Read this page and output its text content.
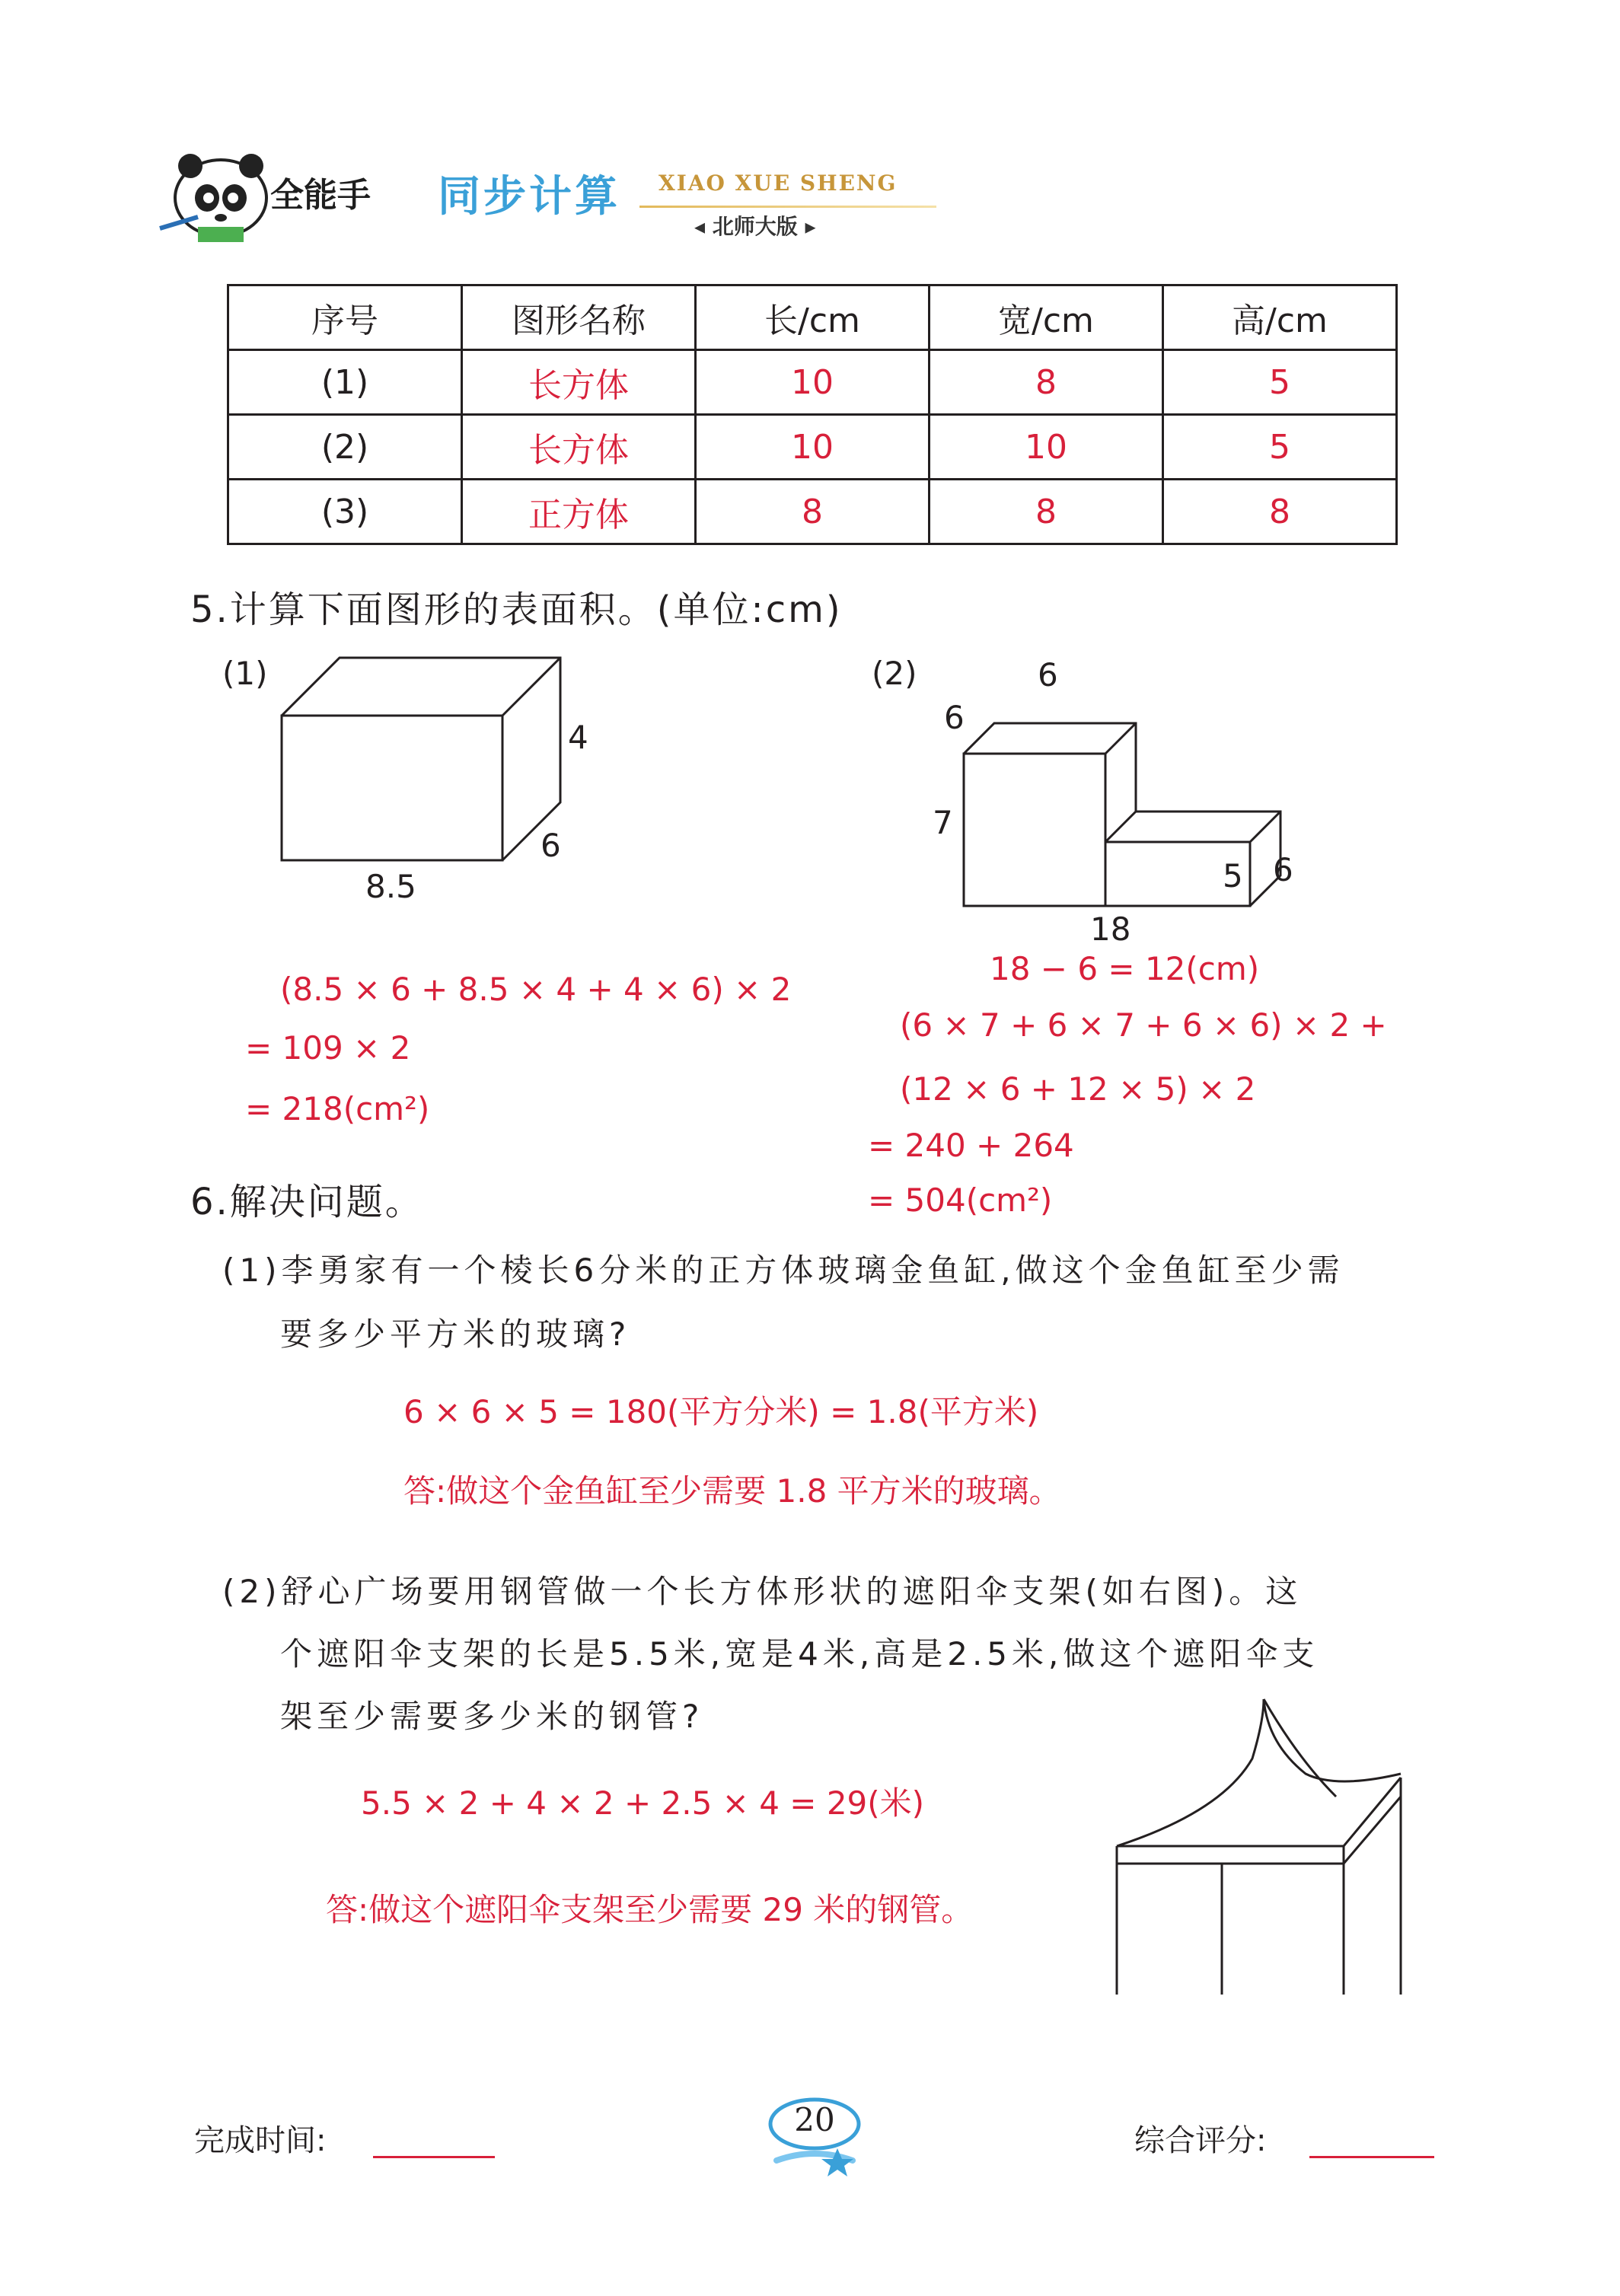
全能手 同步计算 XIAO XUE SHENG
◂ 北师大版 ▸
序号	图形名称	长/cm	宽/cm	高/cm
(1)	长方体	10	8	5
(2)	长方体	10	10	5
(3)	正方体	8	8	8
5.计算下面图形的表面积。(单位:cm)
(1)
4
6
8.5
(8.5 × 6 + 8.5 × 4 + 4 × 6) × 2
= 109 × 2
= 218(cm²)
(2)	6
6
7
5 6
18
18 − 6 = 12(cm)
(6 × 7 + 6 × 7 + 6 × 6) × 2 +
(12 × 6 + 12 × 5) × 2
= 240 + 264
= 504(cm²)
6.解决问题。
(1)李勇家有一个棱长6分米的正方体玻璃金鱼缸,做这个金鱼缸至少需
要多少平方米的玻璃?
6 × 6 × 5 = 180(平方分米) = 1.8(平方米)
答:做这个金鱼缸至少需要 1.8 平方米的玻璃。
(2)舒心广场要用钢管做一个长方体形状的遮阳伞支架(如右图)。这
个遮阳伞支架的长是5.5米,宽是4米,高是2.5米,做这个遮阳伞支
架至少需要多少米的钢管?
5.5 × 2 + 4 × 2 + 2.5 × 4 = 29(米)
答:做这个遮阳伞支架至少需要 29 米的钢管。
完成时间:
20
综合评分:
